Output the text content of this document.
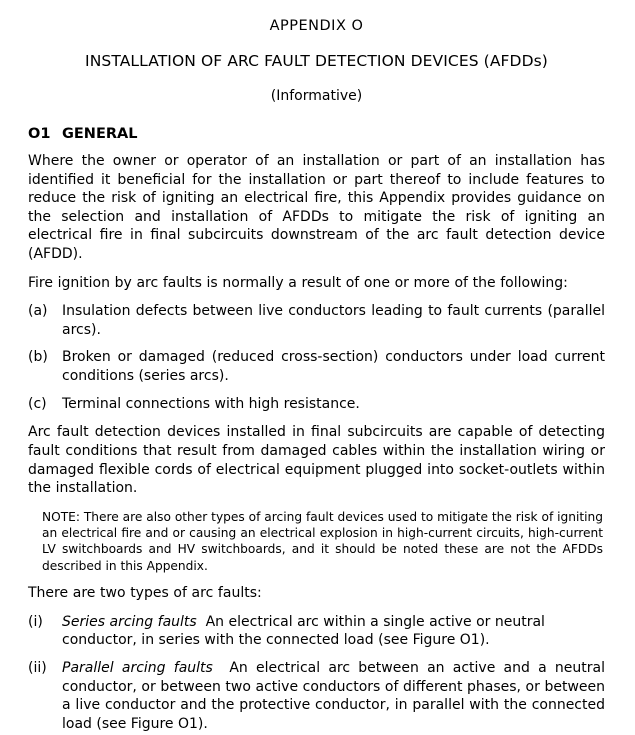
APPENDIX O
INSTALLATION OF ARC FAULT DETECTION DEVICES (AFDDs)
(Informative)
O1 GENERAL

Where the owner or operator of an installation or part of an installation has identified it beneficial for the installation or part thereof to include features to reduce the risk of igniting an electrical fire, this Appendix provides guidance on the selection and installation of AFDDs to mitigate the risk of igniting an electrical fire in final subcircuits downstream of the arc fault detection device (AFDD).

Fire ignition by arc faults is normally a result of one or more of the following:

(a)	Insulation defects between live conductors leading to fault currents (parallel arcs).
(b)	Broken or damaged (reduced cross-section) conductors under load current conditions (series arcs).
(c)	Terminal connections with high resistance.

Arc fault detection devices installed in final subcircuits are capable of detecting fault conditions that result from damaged cables within the installation wiring or damaged flexible cords of electrical equipment plugged into socket-outlets within the installation.

NOTE: There are also other types of arcing fault devices used to mitigate the risk of igniting an electrical fire and or causing an electrical explosion in high-current circuits, high-current LV switchboards and HV switchboards, and it should be noted these are not the AFDDs described in this Appendix.

There are two types of arc faults:

(i)	Series arcing faults An electrical arc within a single active or neutral conductor, in series with the connected load (see Figure O1).
(ii)	Parallel arcing faults An electrical arc between an active and a neutral conductor, or between two active conductors of different phases, or between a live conductor and the protective conductor, in parallel with the connected load (see Figure O1).
